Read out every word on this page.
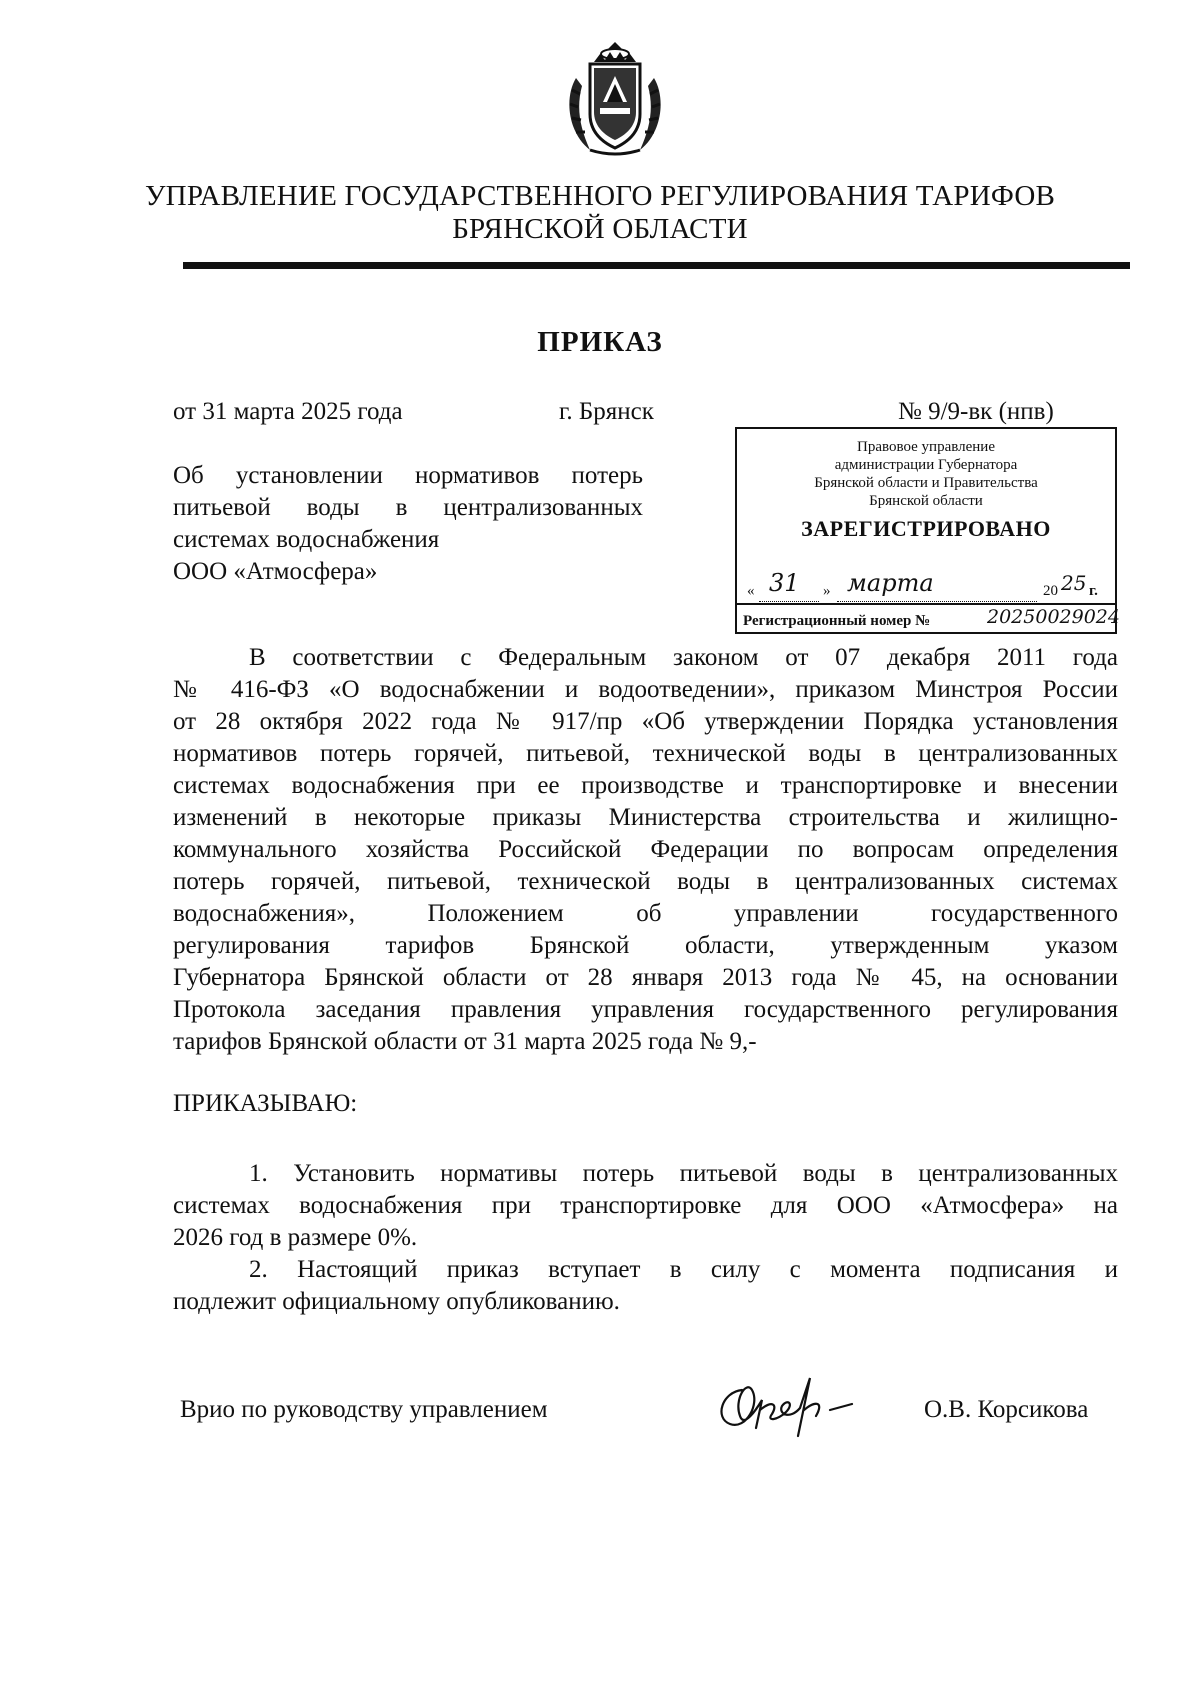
УПРАВЛЕНИЕ ГОСУДАРСТВЕННОГО РЕГУЛИРОВАНИЯ ТАРИФОВ
БРЯНСКОЙ ОБЛАСТИ
ПРИКАЗ
от 31 марта 2025 года	г. Брянск	№ 9/9-вк (нпв)
Об установлении нормативов потерь
питьевой воды в централизованных
системах водоснабжения
ООО «Атмосфера»
Правовое управление
администрации Губернатора
Брянской области и Правительства
Брянской области
ЗАРЕГИСТРИРОВАНО
« 31 » марта	20 25 г.
Регистрационный номер №	20250029024
В соответствии с Федеральным законом от 07 декабря 2011 года
№ 416-ФЗ «О водоснабжении и водоотведении», приказом Минстроя России
от 28 октября 2022 года № 917/пр «Об утверждении Порядка установления
нормативов потерь горячей, питьевой, технической воды в централизованных
системах водоснабжения при ее производстве и транспортировке и внесении
изменений в некоторые приказы Министерства строительства и жилищно-
коммунального хозяйства Российской Федерации по вопросам определения
потерь горячей, питьевой, технической воды в централизованных системах
водоснабжения», Положением об управлении государственного
регулирования тарифов Брянской области, утвержденным указом
Губернатора Брянской области от 28 января 2013 года № 45, на основании
Протокола заседания правления управления государственного регулирования
тарифов Брянской области от 31 марта 2025 года № 9,-
ПРИКАЗЫВАЮ:
1. Установить нормативы потерь питьевой воды в централизованных
системах водоснабжения при транспортировке для ООО «Атмосфера» на
2026 год в размере 0%.
2. Настоящий приказ вступает в силу с момента подписания и
подлежит официальному опубликованию.
Врио по руководству управлением	О.В. Корсикова
